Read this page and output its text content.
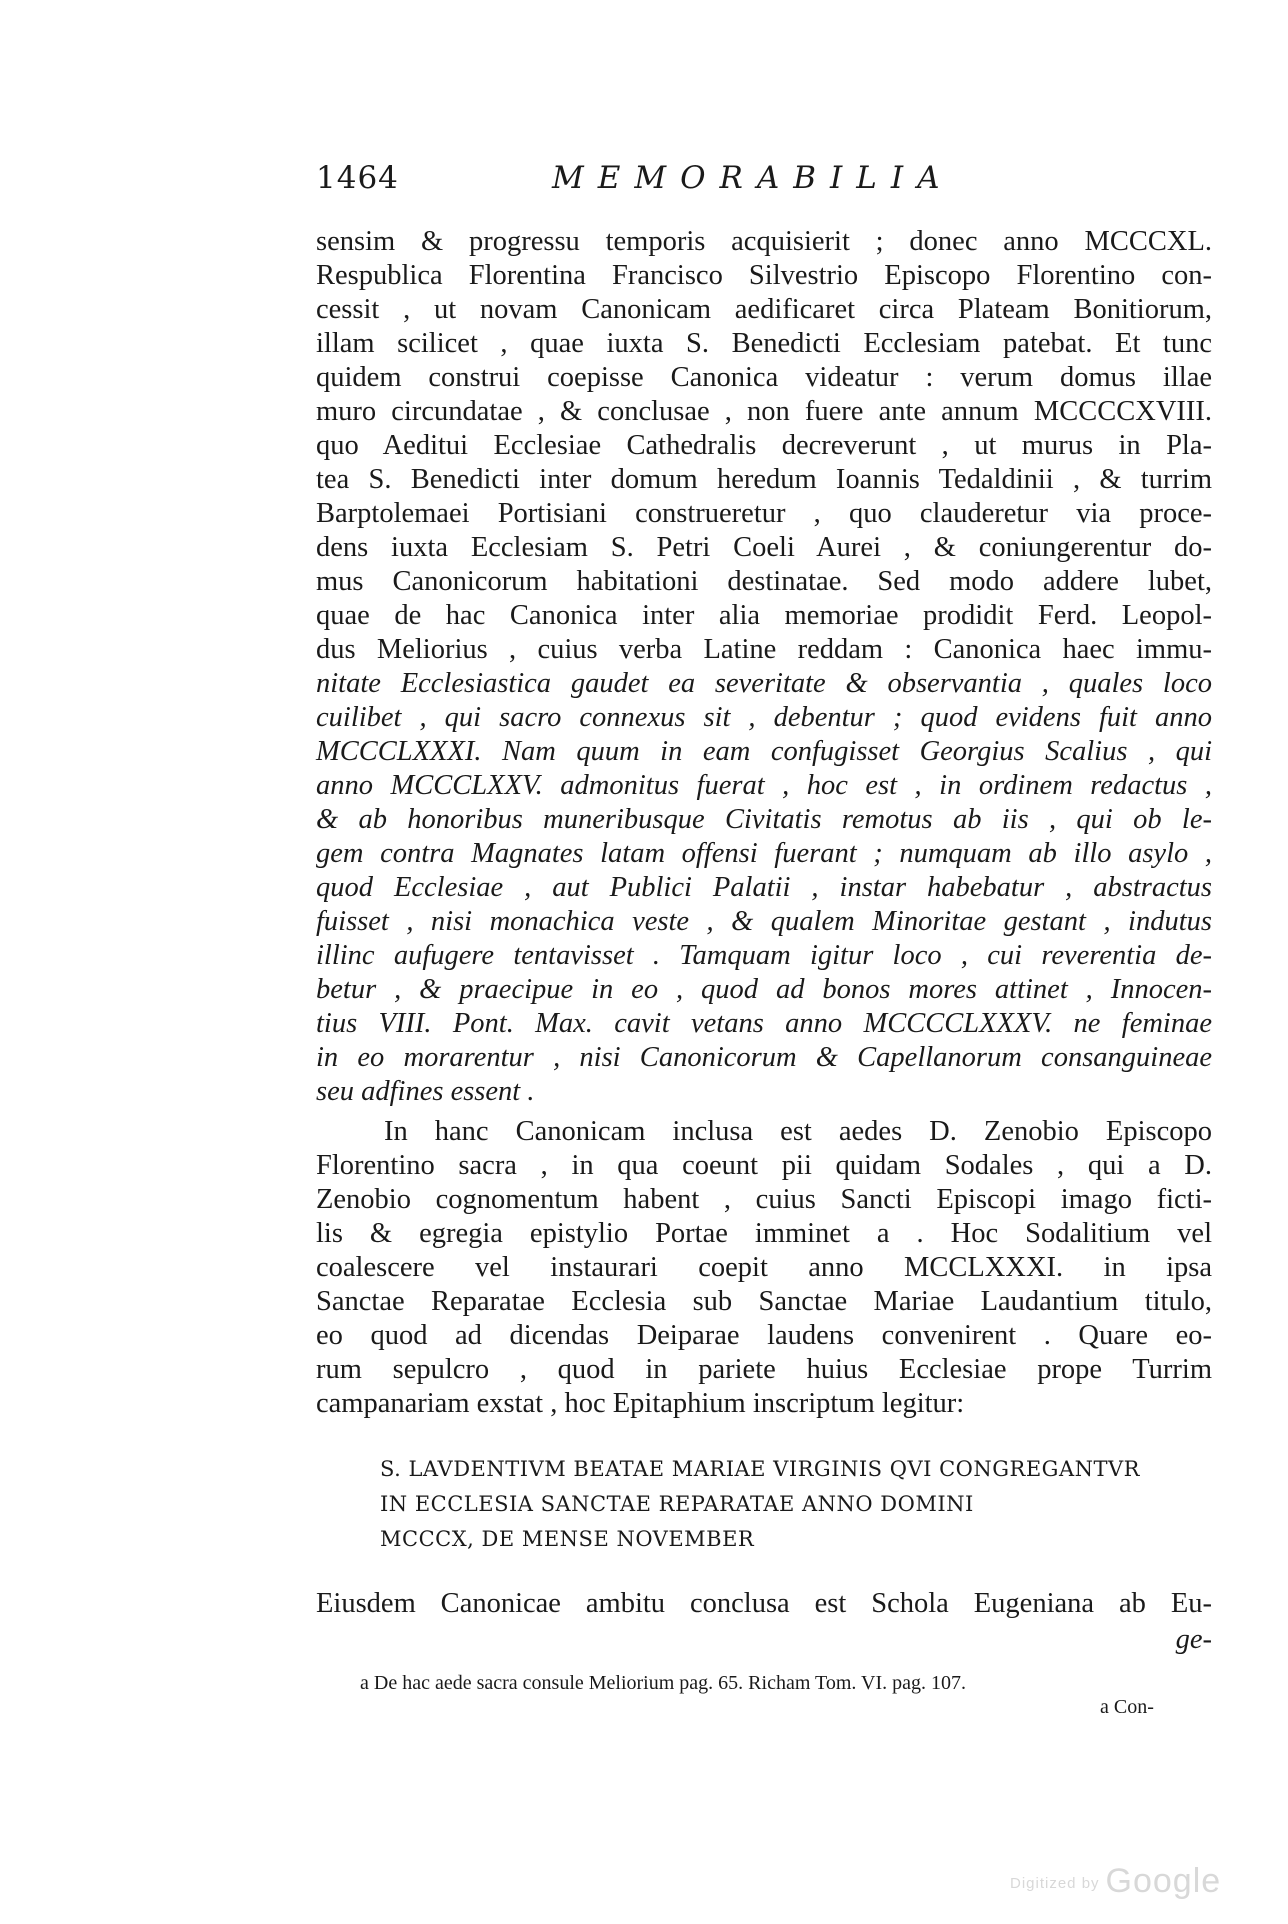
1464	MEMORABILIA

sensim & progressu temporis acquisierit ; donec anno MCCCXL.
Respublica Florentina Francisco Silvestrio Episcopo Florentino con-
cessit , ut novam Canonicam aedificaret circa Plateam Bonitiorum,
illam scilicet , quae iuxta S. Benedicti Ecclesiam patebat. Et tunc
quidem construi coepisse Canonica videatur : verum domus illae
muro circundatae , & conclusae , non fuere ante annum MCCCCXVIII.
quo Aeditui Ecclesiae Cathedralis decreverunt , ut murus in Pla-
tea S. Benedicti inter domum heredum Ioannis Tedaldinii , & turrim
Barptolemaei Portisiani construeretur , quo clauderetur via proce-
dens iuxta Ecclesiam S. Petri Coeli Aurei , & coniungerentur do-
mus Canonicorum habitationi destinatae. Sed modo addere lubet,
quae de hac Canonica inter alia memoriae prodidit Ferd. Leopol-
dus Meliorius , cuius verba Latine reddam : Canonica haec immu-
nitate Ecclesiastica gaudet ea severitate & observantia , quales loco
cuilibet , qui sacro connexus sit , debentur ; quod evidens fuit anno
MCCCLXXXI. Nam quum in eam confugisset Georgius Scalius , qui
anno MCCCLXXV. admonitus fuerat , hoc est , in ordinem redactus ,
& ab honoribus muneribusque Civitatis remotus ab iis , qui ob le-
gem contra Magnates latam offensi fuerant ; numquam ab illo asylo ,
quod Ecclesiae , aut Publici Palatii , instar habebatur , abstractus
fuisset , nisi monachica veste , & qualem Minoritae gestant , indutus
illinc aufugere tentavisset . Tamquam igitur loco , cui reverentia de-
betur , & praecipue in eo , quod ad bonos mores attinet , Innocen-
tius VIII. Pont. Max. cavit vetans anno MCCCCLXXXV. ne feminae
in eo morarentur , nisi Canonicorum & Capellanorum consanguineae
seu adfines essent .

In hanc Canonicam inclusa est aedes D. Zenobio Episcopo
Florentino sacra , in qua coeunt pii quidam Sodales , qui a D.
Zenobio cognomentum habent , cuius Sancti Episcopi imago ficti-
lis & egregia epistylio Portae imminet a . Hoc Sodalitium vel
coalescere vel instaurari coepit anno MCCLXXXI. in ipsa
Sanctae Reparatae Ecclesia sub Sanctae Mariae Laudantium titulo,
eo quod ad dicendas Deiparae laudens convenirent . Quare eo-
rum sepulcro , quod in pariete huius Ecclesiae prope Turrim
campanariam exstat , hoc Epitaphium inscriptum legitur:

S. LAVDENTIVM BEATAE MARIAE VIRGINIS QVI CONGREGANTVR
IN ECCLESIA SANCTAE REPARATAE ANNO DOMINI
MCCCX, DE MENSE NOVEMBER
Eiusdem Canonicae ambitu conclusa est Schola Eugeniana ab Eu-
ge-
a De hac aede sacra consule Meliorium pag. 65. Richam Tom. VI. pag. 107.
a Con-
Digitized by Google
